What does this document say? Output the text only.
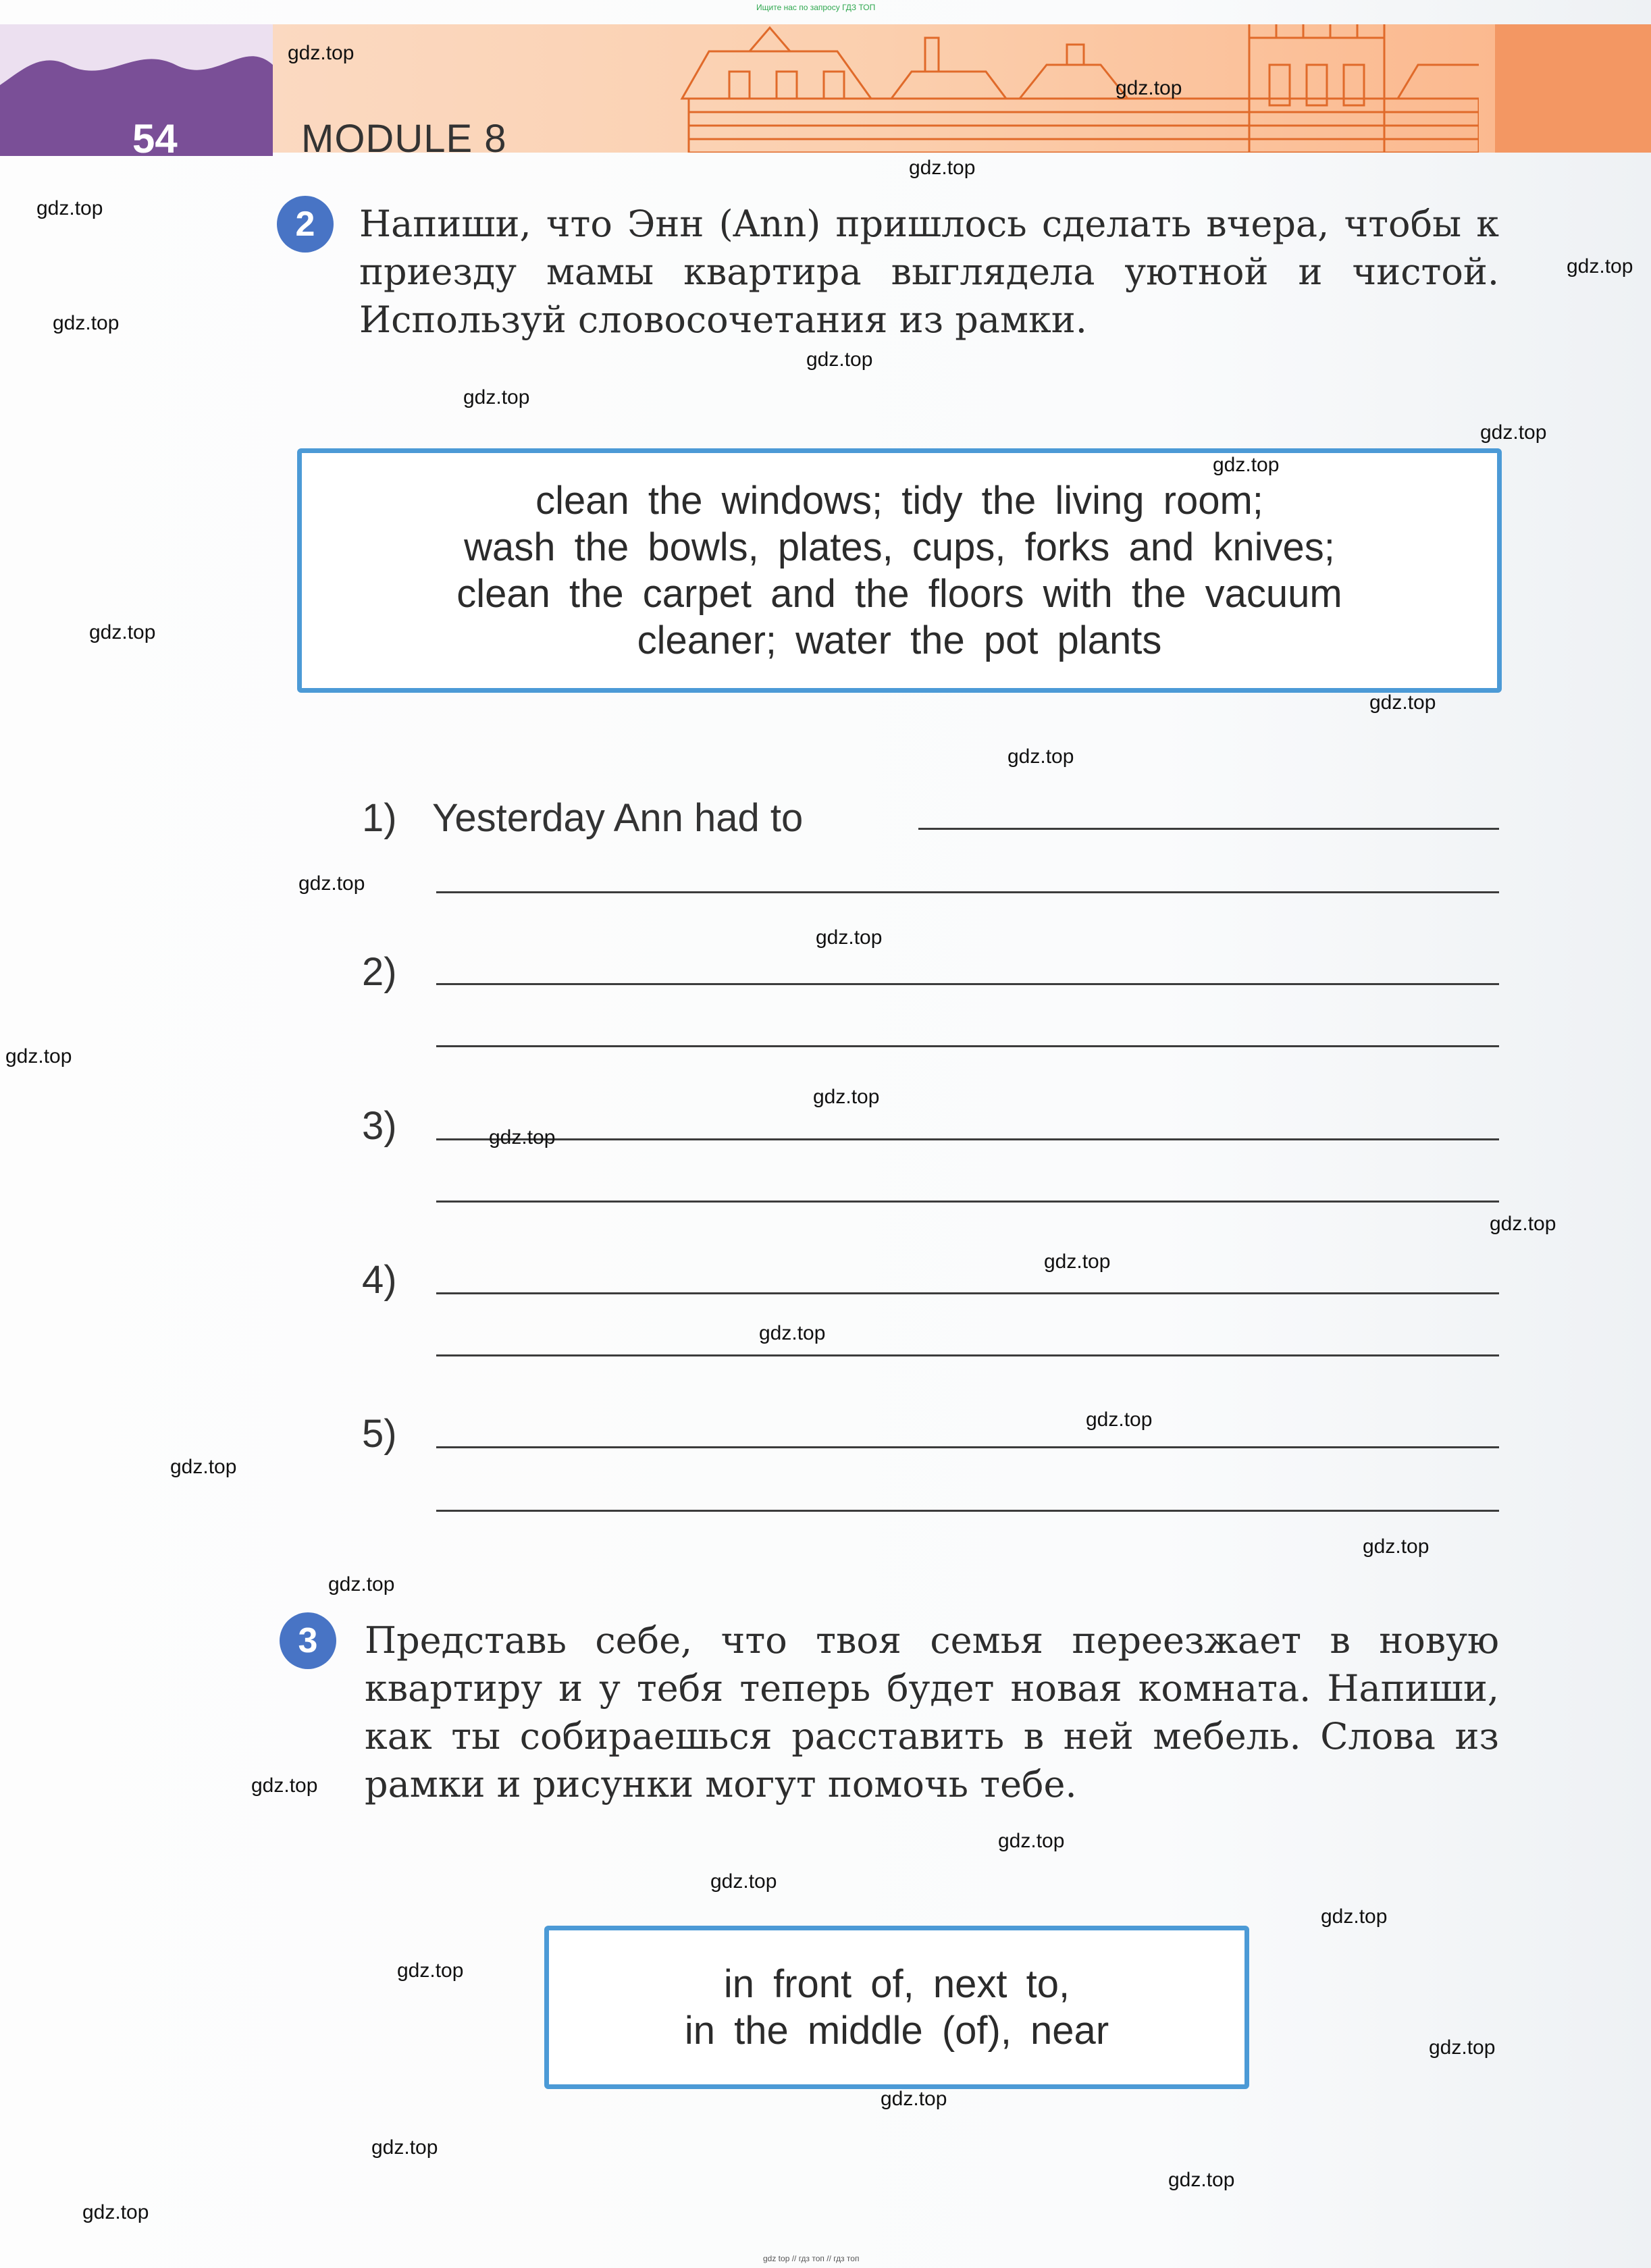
Ищите нас по запросу ГДЗ ТОП
54	MODULE 8
2	Напиши, что Энн (Ann) пришлось сделать вчера, чтобы к приезду мамы квартира выглядела уютной и чистой. Используй словосочетания из рамки.
clean the windows; tidy the living room;
wash the bowls, plates, cups, forks and knives;
clean the carpet and the floors with the vacuum
cleaner; water the pot plants
1) Yesterday Ann had to
2)
3)
4)
5)
3	Представь себе, что твоя семья переезжает в новую квартиру и у тебя теперь будет новая комната. Напиши, как ты собираешься расставить в ней мебель. Слова из рамки и рисунки могут помочь тебе.
in front of, next to,
in the middle (of), near
gdz.top
gdz.top
gdz.top
gdz.top
gdz.top
gdz.top
gdz.top
gdz.top
gdz.top
gdz.top
gdz.top
gdz.top
gdz.top
gdz.top
gdz.top
gdz.top
gdz.top
gdz.top
gdz.top
gdz.top
gdz.top
gdz.top
gdz.top
gdz.top
gdz.top
gdz.top
gdz.top
gdz.top
gdz.top
gdz.top
gdz.top
gdz.top
gdz.top
gdz.top
gdz.top
gdz top // гдз топ // гдз топ
